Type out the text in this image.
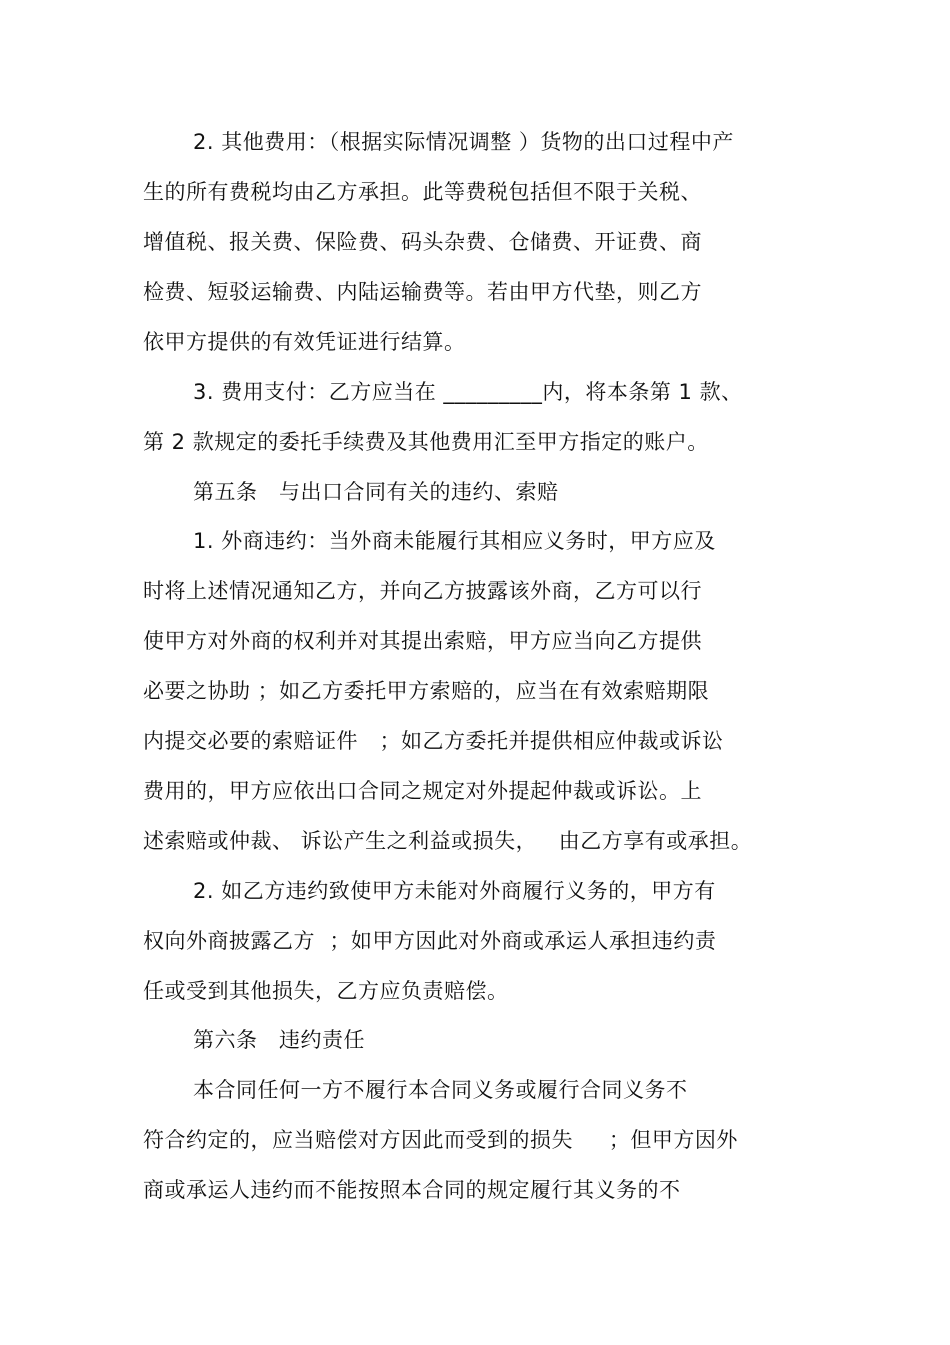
2. 其他费用：（根据实际情况调整 ）货物的出口过程中产
生的所有费税均由乙方承担。此等费税包括但不限于关税、
增值税、报关费、保险费、码头杂费、仓储费、开证费、商
检费、短驳运输费、内陆运输费等。若由甲方代垫，则乙方
依甲方提供的有效凭证进行结算。
3. 费用支付：乙方应当在 _________内，将本条第 1 款、
第 2 款规定的委托手续费及其他费用汇至甲方指定的账户。
第五条   与出口合同有关的违约、索赔
1. 外商违约：当外商未能履行其相应义务时，甲方应及
时将上述情况通知乙方，并向乙方披露该外商，乙方可以行
使甲方对外商的权利并对其提出索赔，甲方应当向乙方提供
必要之协助 ；如乙方委托甲方索赔的，应当在有效索赔期限
内提交必要的索赔证件   ；如乙方委托并提供相应仲裁或诉讼
费用的，甲方应依出口合同之规定对外提起仲裁或诉讼。上
述索赔或仲裁、 诉讼产生之利益或损失，   由乙方享有或承担。
2. 如乙方违约致使甲方未能对外商履行义务的，甲方有
权向外商披露乙方  ；如甲方因此对外商或承运人承担违约责
任或受到其他损失，乙方应负责赔偿。
第六条   违约责任
本合同任何一方不履行本合同义务或履行合同义务不
符合约定的，应当赔偿对方因此而受到的损失     ；但甲方因外
商或承运人违约而不能按照本合同的规定履行其义务的不
